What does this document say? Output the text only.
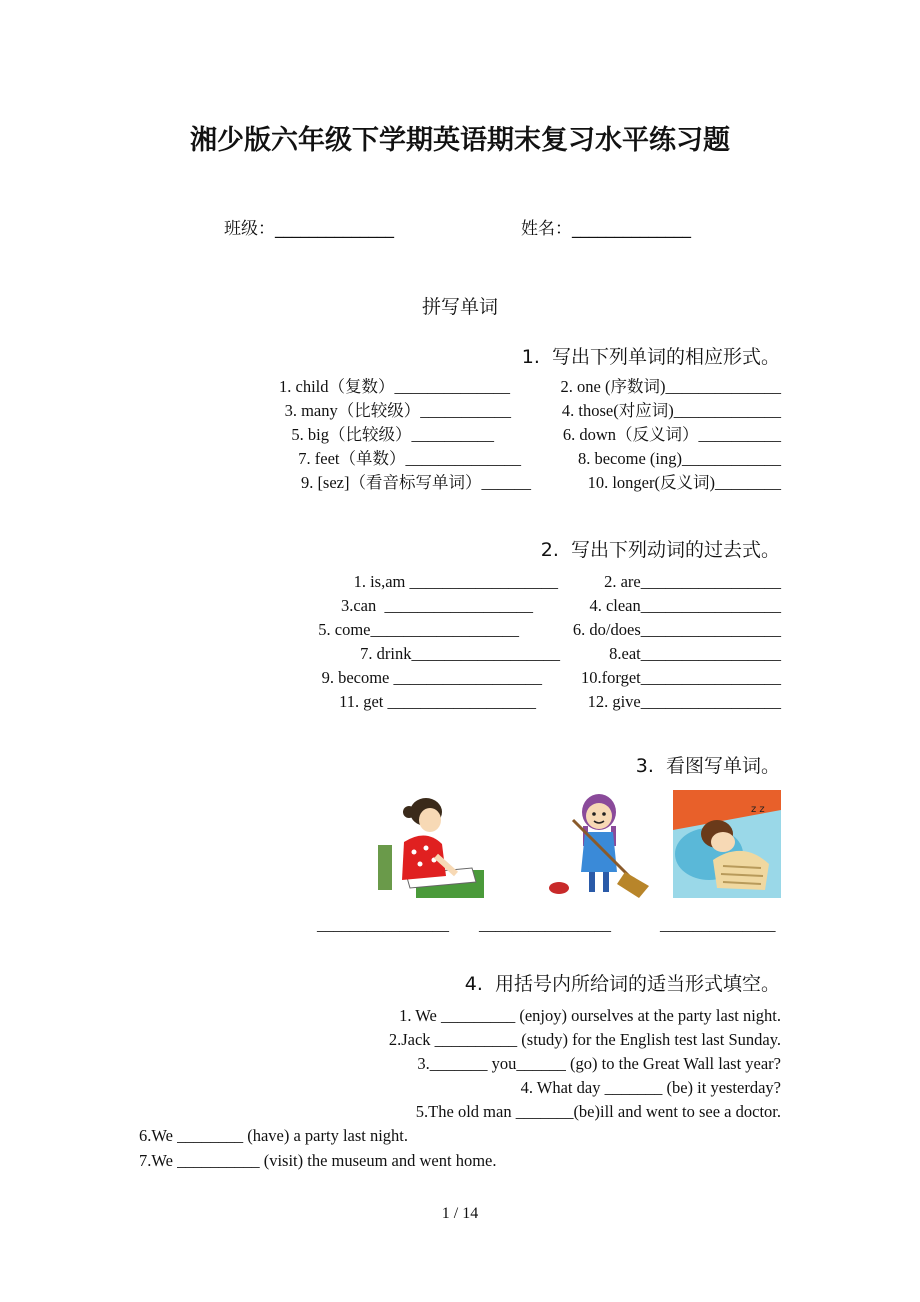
湘少版六年级下学期英语期末复习水平练习题
班级：______________	姓名：______________
拼写单词
1.  写出下列单词的相应形式。
1. child（复数）______________
3. many（比较级）___________
5. big（比较级）__________
7. feet（单数）______________
9. [sez]（看音标写单词）______
2. one (序数词)______________
4. those(对应词)_____________
6. down（反义词）__________
8. become (ing)____________
10. longer(反义词)________
2.  写出下列动词的过去式。
1. is,am __________________
3.can  __________________
5. come__________________
7. drink__________________
9. become __________________
11. get __________________
2. are_________________
4. clean_________________
6. do/does_________________
8.eat_________________
10.forget_________________
12. give_________________
3.  看图写单词。
z z
________________ ________________	______________
4.  用括号内所给词的适当形式填空。
1. We _________ (enjoy) ourselves at the party last night.
2.Jack __________ (study) for the English test last Sunday.
3._______ you______ (go) to the Great Wall last year?
4. What day _______ (be) it yesterday?
5.The old man _______(be)ill and went to see a doctor.
6.We ________ (have) a party last night.
7.We __________ (visit) the museum and went home.
1 / 14
